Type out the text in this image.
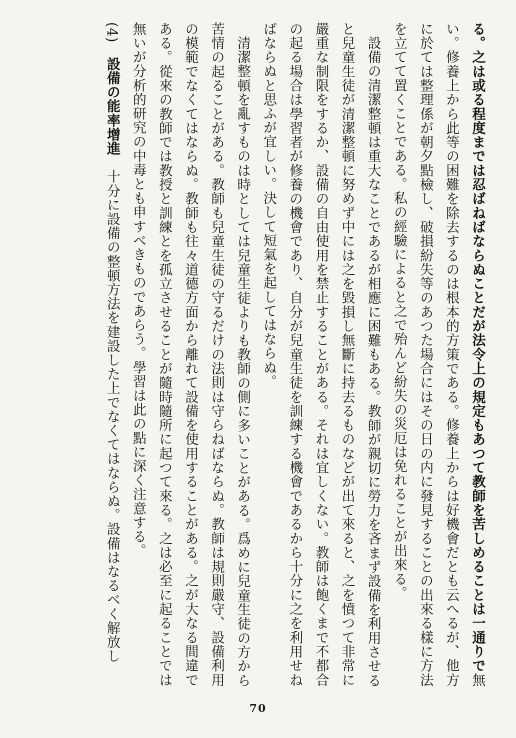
る。之は或る程度までは忍ばねばならぬことだが法令上の規定もあつて教師を苦しめることは一通りで無い。修養上から此等の困難を除去するのは根本的方策である。修養上からは好機會だとも云へるが、他方に於ては整理係が朝夕點檢し、破損紛失等のあつた場合にはその日の内に發見することの出來る樣に方法を立てて置くことである。私の經驗によると之で殆んど紛失の災厄は免れることが出來る。

設備の清潔整頓は重大なことであるが相應に困難もある。教師が親切に勞力を吝まず設備を利用させると兒童生徒が清潔整頓に努めず中には之を毀損し無斷に持去るものなどが出て來ると、之を憤つて非常に嚴重な制限をするか、設備の自由使用を禁止することがある。それは宜しくない。教師は飽くまで不都合の起る場合は學習者が修養の機會であり、自分が兒童生徒を訓練する機會であるから十分に之を利用せねばならぬと思ふが宜しい。決して短氣を起してはならぬ。

清潔整頓を亂すものは時としては兒童生徒よりも教師の側に多いことがある。爲めに兒童生徒の方から苦情の起ることがある。教師も兒童生徒の守るだけの法則は守らねばならぬ。教師は規則嚴守、設備利用の模範でなくてはならぬ。教師も往々道德方面から離れて設備を使用することがある。之が大なる間違である。從來の教師では教授と訓練とを孤立させることが隨時隨所に起つて來る。之は必至に起ることでは無いが分析的研究の中毒とも申すべきものであらう。學習は此の點に深く注意する。

(4)　設備の能率增進　十分に設備の整頓方法を建設した上でなくてはならぬ。設備はなるべく解放し

70
